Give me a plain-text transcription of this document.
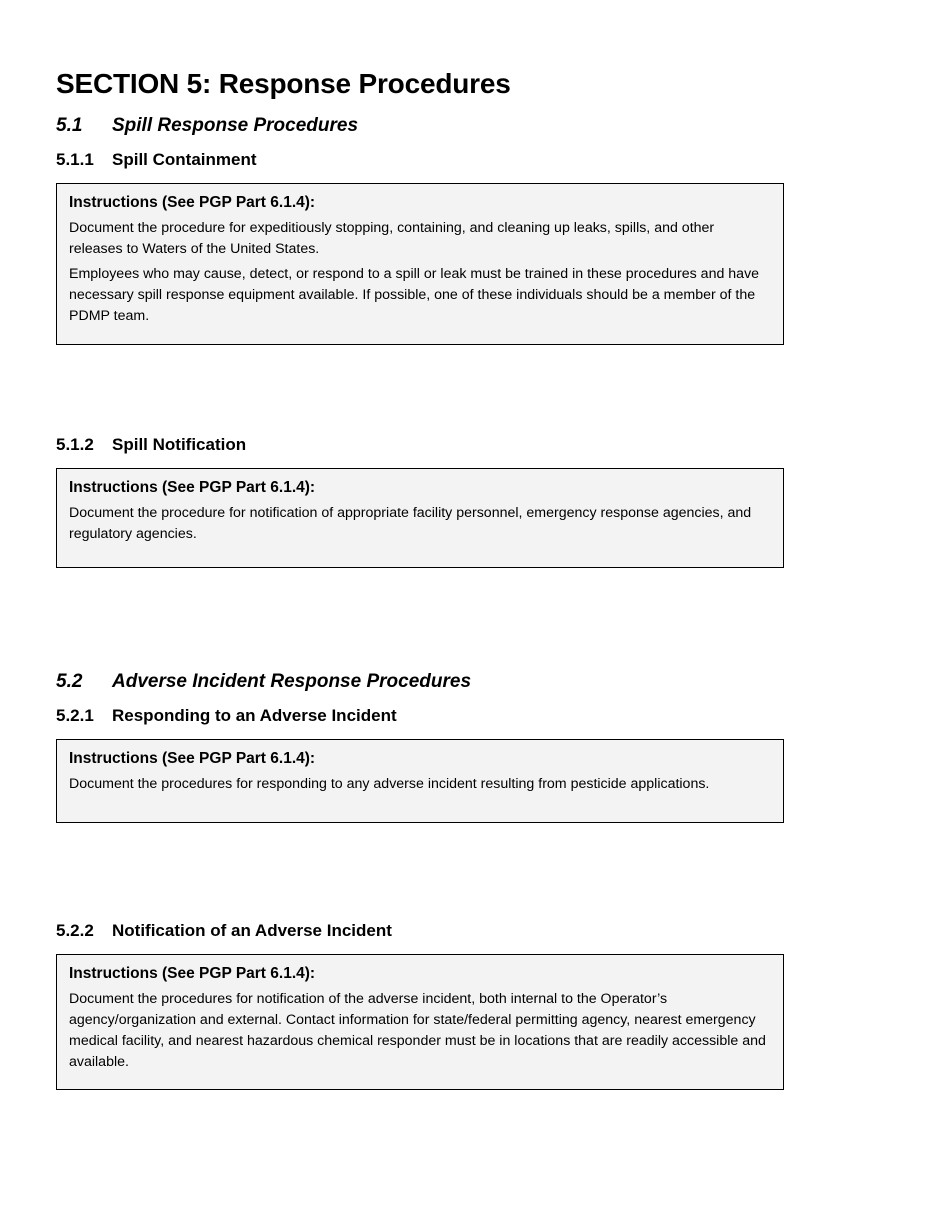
SECTION 5: Response Procedures
5.1 Spill Response Procedures
5.1.1 Spill Containment
Instructions (See PGP Part 6.1.4):

Document the procedure for expeditiously stopping, containing, and cleaning up leaks, spills, and other releases to Waters of the United States.

Employees who may cause, detect, or respond to a spill or leak must be trained in these procedures and have necessary spill response equipment available. If possible, one of these individuals should be a member of the PDMP team.

5.1.2 Spill Notification
Instructions (See PGP Part 6.1.4):

Document the procedure for notification of appropriate facility personnel, emergency response agencies, and regulatory agencies.

5.2 Adverse Incident Response Procedures
5.2.1 Responding to an Adverse Incident
Instructions (See PGP Part 6.1.4):

Document the procedures for responding to any adverse incident resulting from pesticide applications.

5.2.2 Notification of an Adverse Incident
Instructions (See PGP Part 6.1.4):

Document the procedures for notification of the adverse incident, both internal to the Operator’s agency/organization and external. Contact information for state/federal permitting agency, nearest emergency medical facility, and nearest hazardous chemical responder must be in locations that are readily accessible and available.
